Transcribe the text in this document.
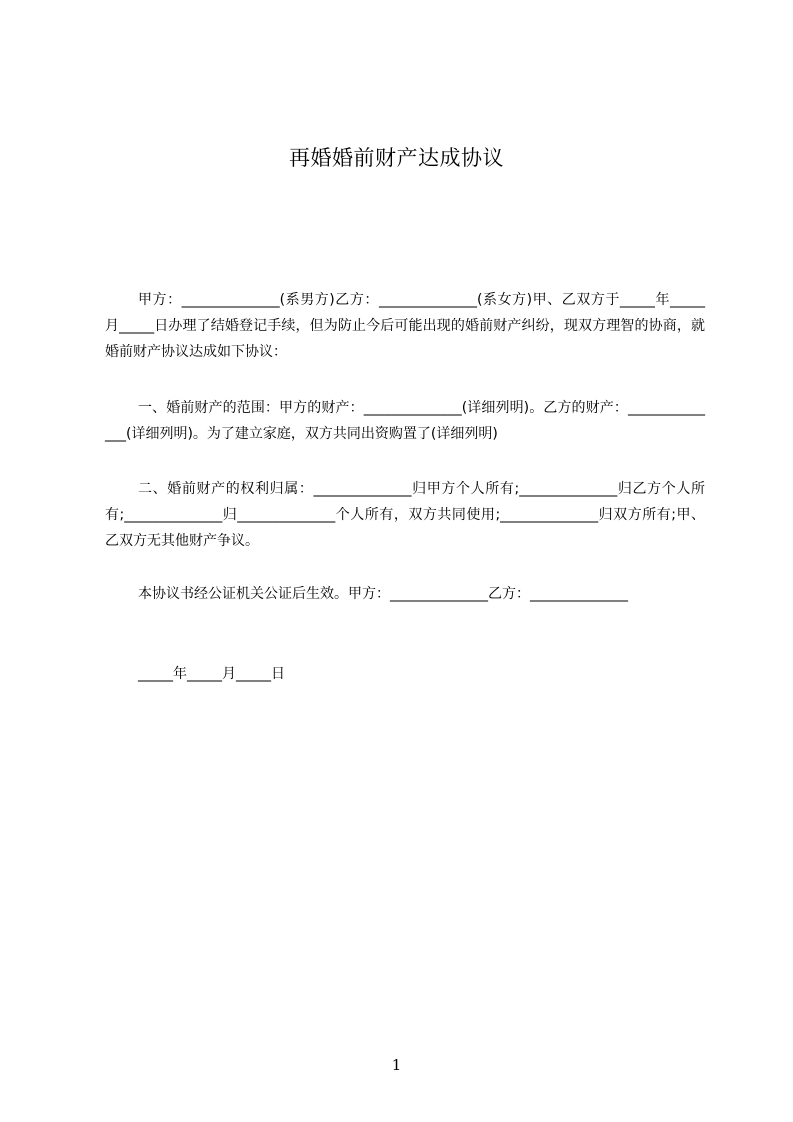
再婚婚前财产达成协议
甲方：______________(系男方)乙方：______________(系女方)甲、乙双方于_____年_____月_____日办理了结婚登记手续，但为防止今后可能出现的婚前财产纠纷，现双方理智的协商，就婚前财产协议达成如下协议：
一、婚前财产的范围：甲方的财产：______________(详细列明)。乙方的财产：______________(详细列明)。为了建立家庭，双方共同出资购置了(详细列明)
二、婚前财产的权利归属：______________归甲方个人所有;______________归乙方个人所有;______________归______________个人所有，双方共同使用;______________归双方所有;甲、乙双方无其他财产争议。
本协议书经公证机关公证后生效。甲方：______________乙方：______________
_____年_____月_____日
1
